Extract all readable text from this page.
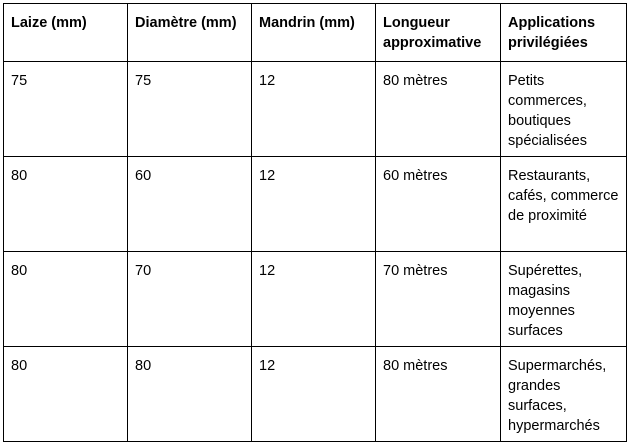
Laize (mm)	Diamètre (mm)	Mandrin (mm)	Longueur approximative	Applications privilégiées
75	75	12	80 mètres	Petits commerces, boutiques spécialisées
80	60	12	60 mètres	Restaurants, cafés, commerce de proximité
80	70	12	70 mètres	Supérettes, magasins moyennes surfaces
80	80	12	80 mètres	Supermarchés, grandes surfaces, hypermarchés
